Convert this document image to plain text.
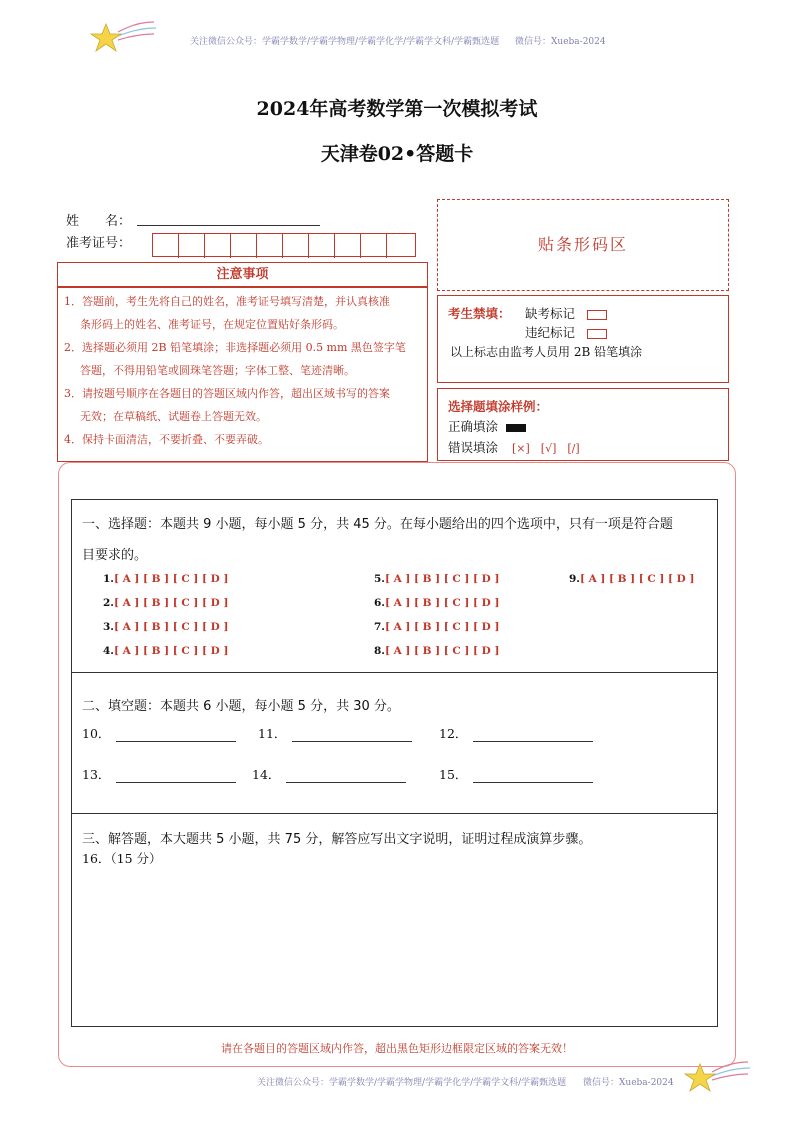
关注微信公众号：学霸学数学/学霸学物理/学霸学化学/学霸学文科/学霸甄选题 微信号：Xueba-2024
2024年高考数学第一次模拟考试
天津卷02•答题卡
姓　　名：
准考证号：	贴条形码区
注意事项
1．答题前，考生先将自己的姓名，准考证号填写清楚，并认真核准
条形码上的姓名、准考证号，在规定位置贴好条形码。
2．选择题必须用 2B 铅笔填涂；非选择题必须用 0.5 mm 黑色签字笔
答题，不得用铅笔或圆珠笔答题；字体工整、笔迹清晰。
3．请按题号顺序在各题目的答题区域内作答，超出区域书写的答案
无效；在草稿纸、试题卷上答题无效。
4．保持卡面清洁，不要折叠、不要弄破。
考生禁填： 缺考标记
违纪标记
以上标志由监考人员用 2B 铅笔填涂
选择题填涂样例：
正确填涂
错误填涂 [×]　[√]　[/]
一、选择题：本题共 9 小题，每小题 5 分，共 45 分。在每小题给出的四个选项中，只有一项是符合题
目要求的。
1.[ A ] [ B ] [ C ] [ D ]
2.[ A ] [ B ] [ C ] [ D ]
3.[ A ] [ B ] [ C ] [ D ]
4.[ A ] [ B ] [ C ] [ D ]
5.[ A ] [ B ] [ C ] [ D ]
6.[ A ] [ B ] [ C ] [ D ]
7.[ A ] [ B ] [ C ] [ D ]
8.[ A ] [ B ] [ C ] [ D ]
9.[ A ] [ B ] [ C ] [ D ]
二、填空题：本题共 6 小题，每小题 5 分，共 30 分。
10．	11．	12．
13．	14．	15．
三、解答题，本大题共 5 小题，共 75 分，解答应写出文字说明，证明过程成演算步骤。
16．（15 分）
请在各题目的答题区域内作答，超出黑色矩形边框限定区域的答案无效！
关注微信公众号：学霸学数学/学霸学物理/学霸学化学/学霸学文科/学霸甄选题 微信号：Xueba-2024
